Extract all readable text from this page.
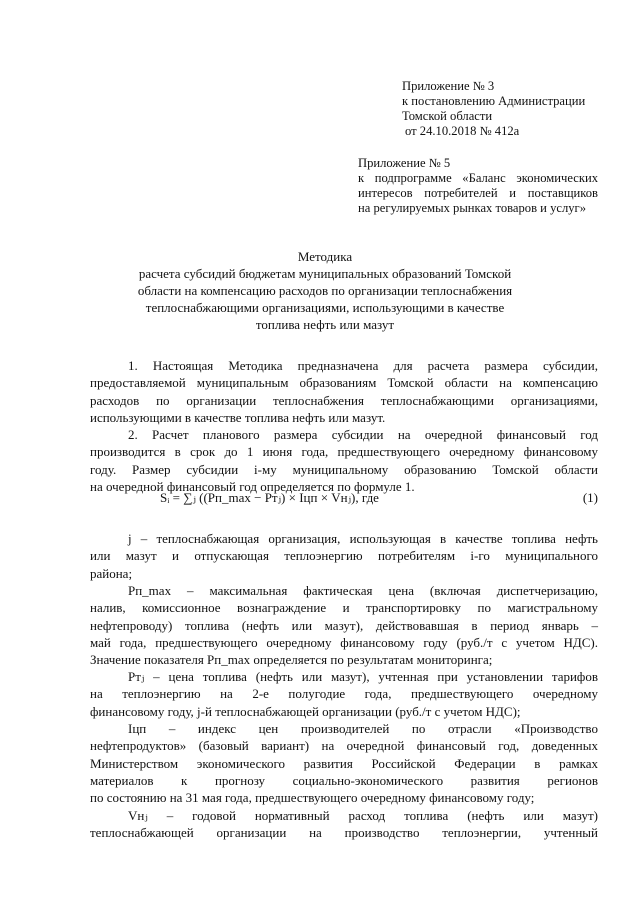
Приложение № 3
к постановлению Администрации
Томской области
от 24.10.2018 № 412а
Приложение № 5
к подпрограмме «Баланс экономических
интересов потребителей и поставщиков
на регулируемых рынках товаров и услуг»
Методика
расчета субсидий бюджетам муниципальных образований Томской
области на компенсацию расходов по организации теплоснабжения
теплоснабжающими организациями, использующими в качестве
топлива нефть или мазут
1. Настоящая Методика предназначена для расчета размера субсидии,
предоставляемой муниципальным образованиям Томской области на компенсацию
расходов по организации теплоснабжения теплоснабжающими организациями,
использующими в качестве топлива нефть или мазут.
2. Расчет планового размера субсидии на очередной финансовый год
производится в срок до 1 июня года, предшествующего очередному финансовому
году. Размер субсидии i-му муниципальному образованию Томской области
на очередной финансовый год определяется по формуле 1.
Sᵢ = ∑ⱼ ((Рп_max − Ртⱼ) × Iцп × Vнⱼ), где	(1)
j – теплоснабжающая организация, использующая в качестве топлива нефть
или мазут и отпускающая теплоэнергию потребителям i-го муниципального
района;
Рп_max – максимальная фактическая цена (включая диспетчеризацию,
налив, комиссионное вознаграждение и транспортировку по магистральному
нефтепроводу) топлива (нефть или мазут), действовавшая в период январь –
май года, предшествующего очередному финансовому году (руб./т с учетом НДС).
Значение показателя Рп_max определяется по результатам мониторинга;
Ртⱼ – цена топлива (нефть или мазут), учтенная при установлении тарифов
на теплоэнергию на 2-е полугодие года, предшествующего очередному
финансовому году, j-й теплоснабжающей организации (руб./т с учетом НДС);
Iцп – индекс цен производителей по отрасли «Производство
нефтепродуктов» (базовый вариант) на очередной финансовый год, доведенных
Министерством экономического развития Российской Федерации в рамках
материалов к прогнозу социально-экономического развития регионов
по состоянию на 31 мая года, предшествующего очередному финансовому году;
Vнⱼ – годовой нормативный расход топлива (нефть или мазут)
теплоснабжающей организации на производство теплоэнергии, учтенный
